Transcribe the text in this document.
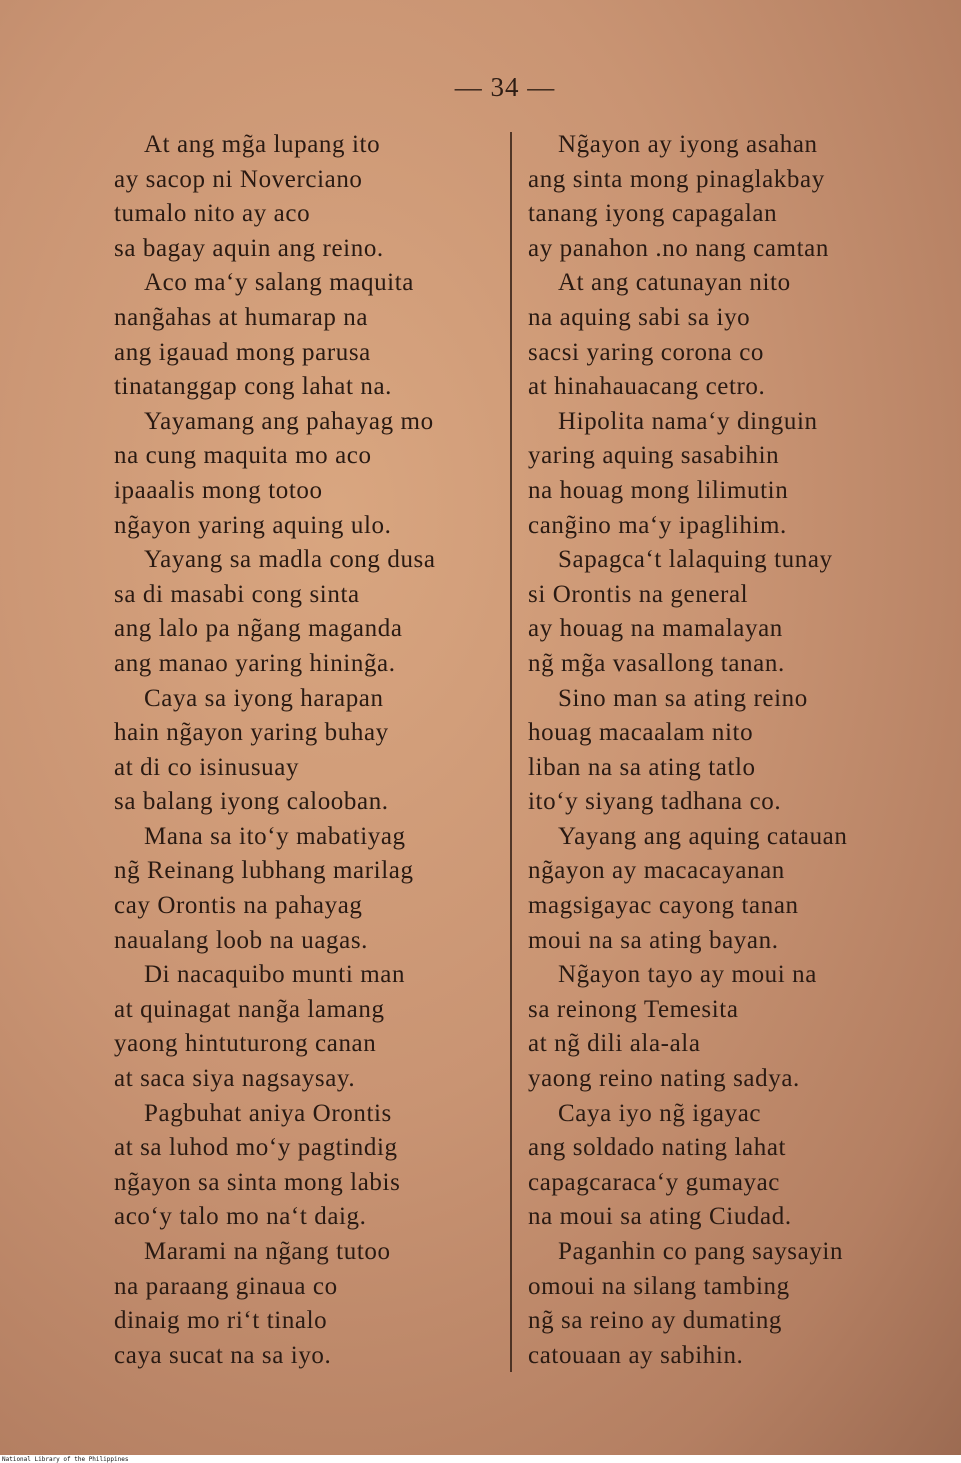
— 34 —
At ang mg̃a lupang ito
ay sacop ni Noverciano
tumalo nito ay aco
sa bagay aquin ang reino.
Aco ma‘y salang maquita
nang̃ahas at humarap na
ang igauad mong parusa
tinatanggap cong lahat na.
Yayamang ang pahayag mo
na cung maquita mo aco
ipaaalis mong totoo
ng̃ayon yaring aquing ulo.
Yayang sa madla cong dusa
sa di masabi cong sinta
ang lalo pa ng̃ang maganda
ang manao yaring hining̃a.
Caya sa iyong harapan
hain ng̃ayon yaring buhay
at di co isinusuay
sa balang iyong calooban.
Mana sa ito‘y mabatiyag
ng̃ Reinang lubhang marilag
cay Orontis na pahayag
naualang loob na uagas.
Di nacaquibo munti man
at quinagat nang̃a lamang
yaong hintuturong canan
at saca siya nagsaysay.
Pagbuhat aniya Orontis
at sa luhod mo‘y pagtindig
ng̃ayon sa sinta mong labis
aco‘y talo mo na‘t daig.
Marami na ng̃ang tutoo
na paraang ginaua co
dinaig mo ri‘t tinalo
caya sucat na sa iyo.
Ng̃ayon ay iyong asahan
ang sinta mong pinaglakbay
tanang iyong capagalan
ay panahon .no nang camtan
At ang catunayan nito
na aquing sabi sa iyo
sacsi yaring corona co
at hinahauacang cetro.
Hipolita nama‘y dinguin
yaring aquing sasabihin
na houag mong lilimutin
cang̃ino ma‘y ipaglihim.
Sapagca‘t lalaquing tunay
si Orontis na general
ay houag na mamalayan
ng̃ mg̃a vasallong tanan.
Sino man sa ating reino
houag macaalam nito
liban na sa ating tatlo
ito‘y siyang tadhana co.
Yayang ang aquing catauan
ng̃ayon ay macacayanan
magsigayac cayong tanan
moui na sa ating bayan.
Ng̃ayon tayo ay moui na
sa reinong Temesita
at ng̃ dili ala-ala
yaong reino nating sadya.
Caya iyo ng̃ igayac
ang soldado nating lahat
capagcaraca‘y gumayac
na moui sa ating Ciudad.
Paganhin co pang saysayin
omoui na silang tambing
ng̃ sa reino ay dumating
catouaan ay sabihin.
National Library of the Philippines
